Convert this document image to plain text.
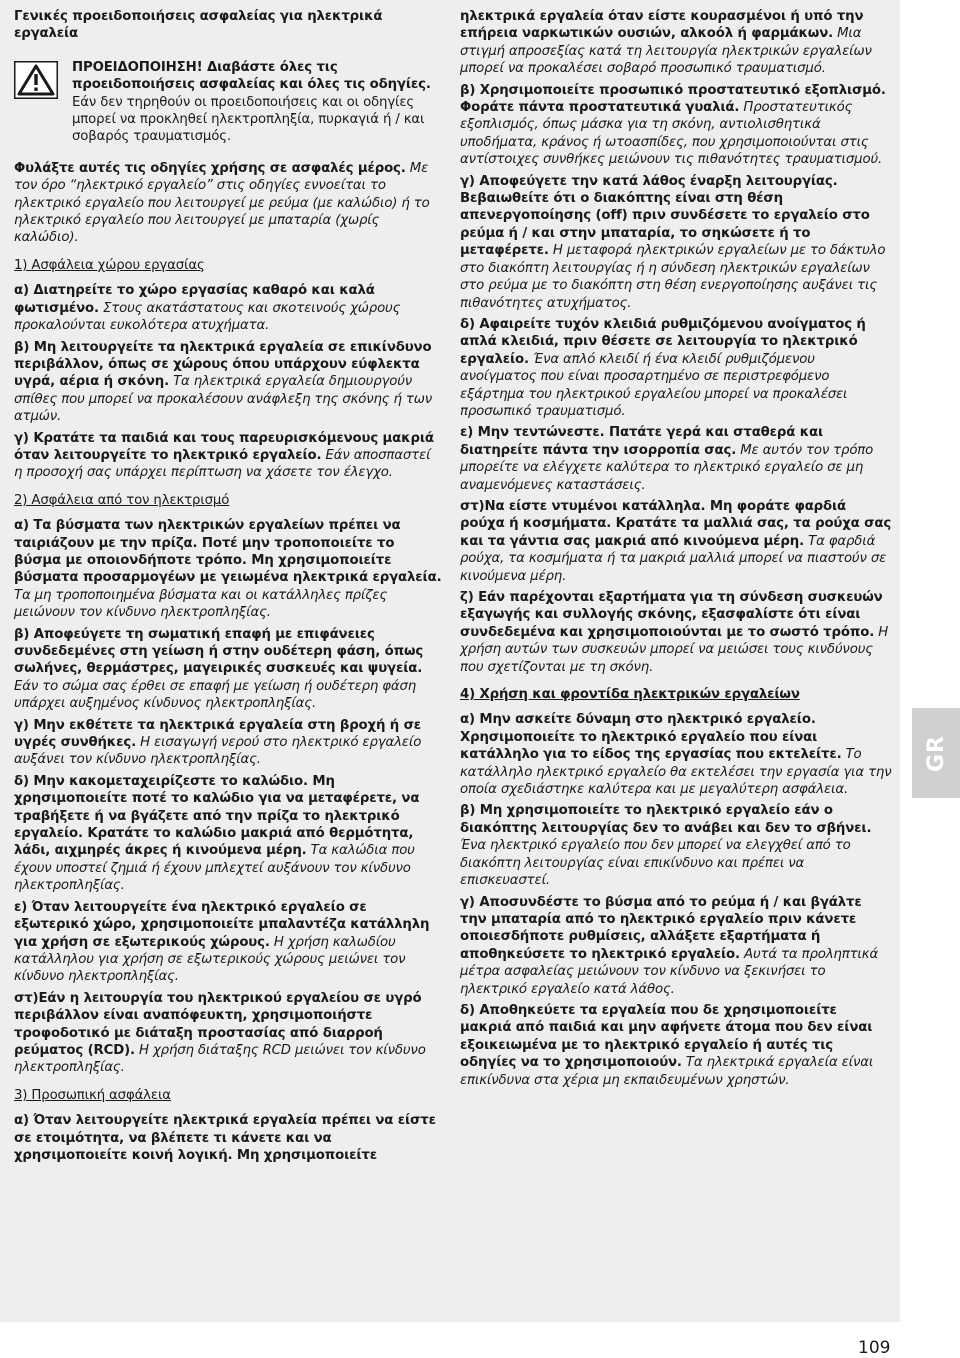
Γενικές προειδοποιήσεις ασφαλείας για ηλεκτρικά εργαλεία

ΠΡΟΕΙΔΟΠΟΙΗΣΗ! Διαβάστε όλες τις προειδοποιήσεις ασφαλείας και όλες τις οδηγίες. Εάν δεν τηρηθούν οι προειδοποιήσεις και οι οδηγίες μπορεί να προκληθεί ηλεκτροπληξία, πυρκαγιά ή / και σοβαρός τραυματισμός.

Φυλάξτε αυτές τις οδηγίες χρήσης σε ασφαλές μέρος. Με τον όρο “ηλεκτρικό εργαλείο” στις οδηγίες εννοείται το ηλεκτρικό εργαλείο που λειτουργεί με ρεύμα (με καλώδιο) ή το ηλεκτρικό εργαλείο που λειτουργεί με μπαταρία (χωρίς καλώδιο).

1) Ασφάλεια χώρου εργασίας

α) Διατηρείτε το χώρο εργασίας καθαρό και καλά φωτισμένο. Στους ακατάστατους και σκοτεινούς χώρους προκαλούνται ευκολότερα ατυχήματα.

β) Μη λειτουργείτε τα ηλεκτρικά εργαλεία σε επικίνδυνο περιβάλλον, όπως σε χώρους όπου υπάρχουν εύφλεκτα υγρά, αέρια ή σκόνη. Τα ηλεκτρικά εργαλεία δημιουργούν σπίθες που μπορεί να προκαλέσουν ανάφλεξη της σκόνης ή των ατμών.

γ) Κρατάτε τα παιδιά και τους παρευρισκόμενους μακριά όταν λειτουργείτε το ηλεκτρικό εργαλείο. Εάν αποσπαστεί η προσοχή σας υπάρχει περίπτωση να χάσετε τον έλεγχο.

2) Ασφάλεια από τον ηλεκτρισμό

α) Τα βύσματα των ηλεκτρικών εργαλείων πρέπει να ταιριάζουν με την πρίζα. Ποτέ μην τροποποιείτε το βύσμα με οποιονδήποτε τρόπο. Μη χρησιμοποιείτε βύσματα προσαρμογέων με γειωμένα ηλεκτρικά εργαλεία. Τα μη τροποποιημένα βύσματα και οι κατάλληλες πρίζες μειώνουν τον κίνδυνο ηλεκτροπληξίας.

β) Αποφεύγετε τη σωματική επαφή με επιφάνειες συνδεδεμένες στη γείωση ή στην ουδέτερη φάση, όπως σωλήνες, θερμάστρες, μαγειρικές συσκευές και ψυγεία. Εάν το σώμα σας έρθει σε επαφή με γείωση ή ουδέτερη φάση υπάρχει αυξημένος κίνδυνος ηλεκτροπληξίας.

γ) Μην εκθέτετε τα ηλεκτρικά εργαλεία στη βροχή ή σε υγρές συνθήκες. Η εισαγωγή νερού στο ηλεκτρικό εργαλείο αυξάνει τον κίνδυνο ηλεκτροπληξίας.

δ) Μην κακομεταχειρίζεστε το καλώδιο. Μη χρησιμοποιείτε ποτέ το καλώδιο για να μεταφέρετε, να τραβήξετε ή να βγάζετε από την πρίζα το ηλεκτρικό εργαλείο. Κρατάτε το καλώδιο μακριά από θερμότητα, λάδι, αιχμηρές άκρες ή κινούμενα μέρη. Τα καλώδια που έχουν υποστεί ζημιά ή έχουν μπλεχτεί αυξάνουν τον κίνδυνο ηλεκτροπληξίας.

ε) Όταν λειτουργείτε ένα ηλεκτρικό εργαλείο σε εξωτερικό χώρο, χρησιμοποιείτε μπαλαντέζα κατάλληλη για χρήση σε εξωτερικούς χώρους. Η χρήση καλωδίου κατάλληλου για χρήση σε εξωτερικούς χώρους μειώνει τον κίνδυνο ηλεκτροπληξίας.

στ)Εάν η λειτουργία του ηλεκτρικού εργαλείου σε υγρό περιβάλλον είναι αναπόφευκτη, χρησιμοποιήστε τροφοδοτικό με διάταξη προστασίας από διαρροή ρεύματος (RCD). Η χρήση διάταξης RCD μειώνει τον κίνδυνο ηλεκτροπληξίας.

3) Προσωπική ασφάλεια

α) Όταν λειτουργείτε ηλεκτρικά εργαλεία πρέπει να είστε σε ετοιμότητα, να βλέπετε τι κάνετε και να χρησιμοποιείτε κοινή λογική. Μη χρησιμοποιείτε

ηλεκτρικά εργαλεία όταν είστε κουρασμένοι ή υπό την επήρεια ναρκωτικών ουσιών, αλκοόλ ή φαρμάκων. Μια στιγμή απροσεξίας κατά τη λειτουργία ηλεκτρικών εργαλείων μπορεί να προκαλέσει σοβαρό προσωπικό τραυματισμό.

β) Χρησιμοποιείτε προσωπικό προστατευτικό εξοπλισμό. Φοράτε πάντα προστατευτικά γυαλιά. Προστατευτικός εξοπλισμός, όπως μάσκα για τη σκόνη, αντιολισθητικά υποδήματα, κράνος ή ωτοασπίδες, που χρησιμοποιούνται στις αντίστοιχες συνθήκες μειώνουν τις πιθανότητες τραυματισμού.

γ) Αποφεύγετε την κατά λάθος έναρξη λειτουργίας. Βεβαιωθείτε ότι ο διακόπτης είναι στη θέση απενεργοποίησης (off) πριν συνδέσετε το εργαλείο στο ρεύμα ή / και στην μπαταρία, το σηκώσετε ή το μεταφέρετε. Η μεταφορά ηλεκτρικών εργαλείων με το δάκτυλο στο διακόπτη λειτουργίας ή η σύνδεση ηλεκτρικών εργαλείων στο ρεύμα με το διακόπτη στη θέση ενεργοποίησης αυξάνει τις πιθανότητες ατυχήματος.

δ) Αφαιρείτε τυχόν κλειδιά ρυθμιζόμενου ανοίγματος ή απλά κλειδιά, πριν θέσετε σε λειτουργία το ηλεκτρικό εργαλείο. Ένα απλό κλειδί ή ένα κλειδί ρυθμιζόμενου ανοίγματος που είναι προσαρτημένο σε περιστρεφόμενο εξάρτημα του ηλεκτρικού εργαλείου μπορεί να προκαλέσει προσωπικό τραυματισμό.

ε) Μην τεντώνεστε. Πατάτε γερά και σταθερά και διατηρείτε πάντα την ισορροπία σας. Με αυτόν τον τρόπο μπορείτε να ελέγχετε καλύτερα το ηλεκτρικό εργαλείο σε μη αναμενόμενες καταστάσεις.

στ)Να είστε ντυμένοι κατάλληλα. Μη φοράτε φαρδιά ρούχα ή κοσμήματα. Κρατάτε τα μαλλιά σας, τα ρούχα σας και τα γάντια σας μακριά από κινούμενα μέρη. Τα φαρδιά ρούχα, τα κοσμήματα ή τα μακριά μαλλιά μπορεί να πιαστούν σε κινούμενα μέρη.

ζ) Εάν παρέχονται εξαρτήματα για τη σύνδεση συσκευών εξαγωγής και συλλογής σκόνης, εξασφαλίστε ότι είναι συνδεδεμένα και χρησιμοποιούνται με το σωστό τρόπο. Η χρήση αυτών των συσκευών μπορεί να μειώσει τους κινδύνους που σχετίζονται με τη σκόνη.

4) Χρήση και φροντίδα ηλεκτρικών εργαλείων

α) Μην ασκείτε δύναμη στο ηλεκτρικό εργαλείο. Χρησιμοποιείτε το ηλεκτρικό εργαλείο που είναι κατάλληλο για το είδος της εργασίας που εκτελείτε. Το κατάλληλο ηλεκτρικό εργαλείο θα εκτελέσει την εργασία για την οποία σχεδιάστηκε καλύτερα και με μεγαλύτερη ασφάλεια.

β) Μη χρησιμοποιείτε το ηλεκτρικό εργαλείο εάν ο διακόπτης λειτουργίας δεν το ανάβει και δεν το σβήνει. Ένα ηλεκτρικό εργαλείο που δεν μπορεί να ελεγχθεί από το διακόπτη λειτουργίας είναι επικίνδυνο και πρέπει να επισκευαστεί.

γ) Αποσυνδέστε το βύσμα από το ρεύμα ή / και βγάλτε την μπαταρία από το ηλεκτρικό εργαλείο πριν κάνετε οποιεσδήποτε ρυθμίσεις, αλλάξετε εξαρτήματα ή αποθηκεύσετε το ηλεκτρικό εργαλείο. Αυτά τα προληπτικά μέτρα ασφαλείας μειώνουν τον κίνδυνο να ξεκινήσει το ηλεκτρικό εργαλείο κατά λάθος.

δ) Αποθηκεύετε τα εργαλεία που δε χρησιμοποιείτε μακριά από παιδιά και μην αφήνετε άτομα που δεν είναι εξοικειωμένα με το ηλεκτρικό εργαλείο ή αυτές τις οδηγίες να το χρησιμοποιούν. Τα ηλεκτρικά εργαλεία είναι επικίνδυνα στα χέρια μη εκπαιδευμένων χρηστών.

GR
109
